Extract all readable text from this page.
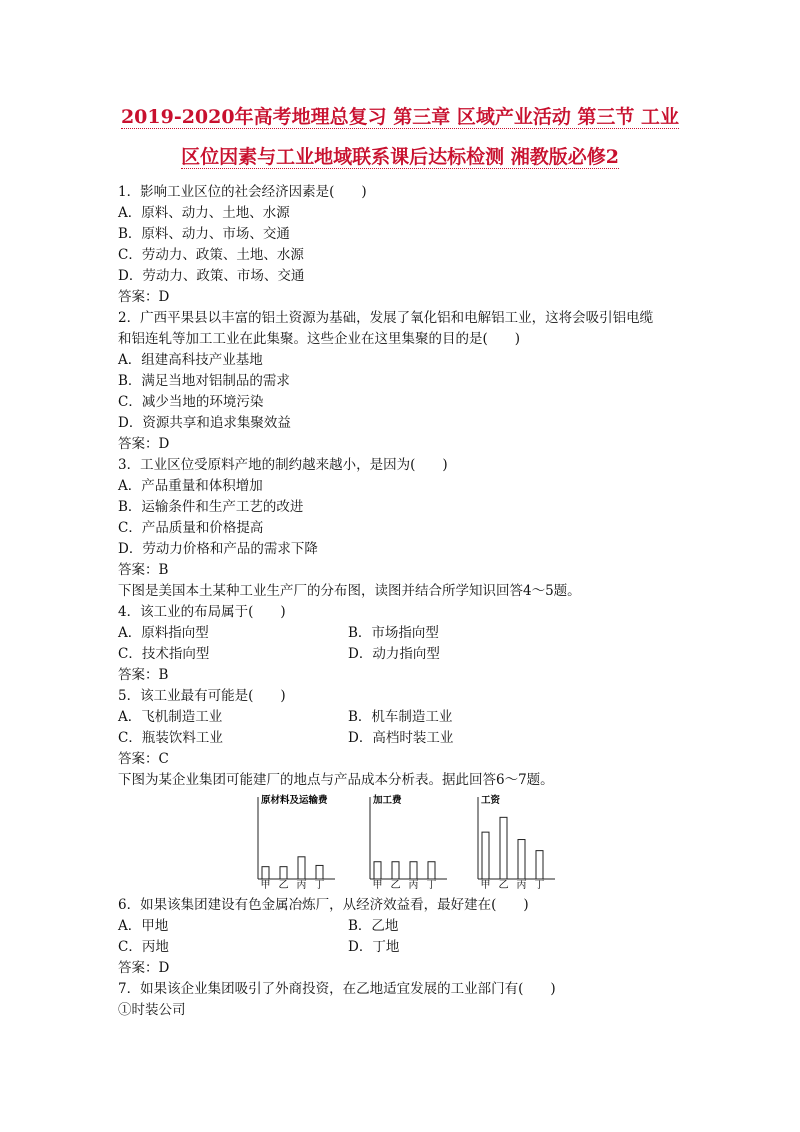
2019-2020年高考地理总复习 第三章 区域产业活动 第三节 工业
区位因素与工业地域联系课后达标检测 湘教版必修2
1．影响工业区位的社会经济因素是(　　)
A．原料、动力、土地、水源
B．原料、动力、市场、交通
C．劳动力、政策、土地、水源
D．劳动力、政策、市场、交通
答案：D
2．广西平果县以丰富的铝土资源为基础，发展了氧化铝和电解铝工业，这将会吸引铝电缆
和铝连轧等加工工业在此集聚。这些企业在这里集聚的目的是(　　)
A．组建高科技产业基地
B．满足当地对铝制品的需求
C．减少当地的环境污染
D．资源共享和追求集聚效益
答案：D
3．工业区位受原料产地的制约越来越小，是因为(　　)
A．产品重量和体积增加
B．运输条件和生产工艺的改进
C．产品质量和价格提高
D．劳动力价格和产品的需求下降
答案：B
下图是美国本土某种工业生产厂的分布图，读图并结合所学知识回答4～5题。
4．该工业的布局属于(　　)
A．原料指向型	B．市场指向型
C．技术指向型	D．动力指向型
答案：B
5．该工业最有可能是(　　)
A．飞机制造工业	B．机车制造工业
C．瓶装饮料工业	D．高档时装工业
答案：C
下图为某企业集团可能建厂的地点与产品成本分析表。据此回答6～7题。
原材料及运输费
甲 乙 丙 丁
加工费
甲 乙 丙 丁
工资
甲 乙 丙 丁
6．如果该集团建设有色金属冶炼厂，从经济效益看，最好建在(　　)
A．甲地	B．乙地
C．丙地	D．丁地
答案：D
7．如果该企业集团吸引了外商投资，在乙地适宜发展的工业部门有(　　)
①时装公司
